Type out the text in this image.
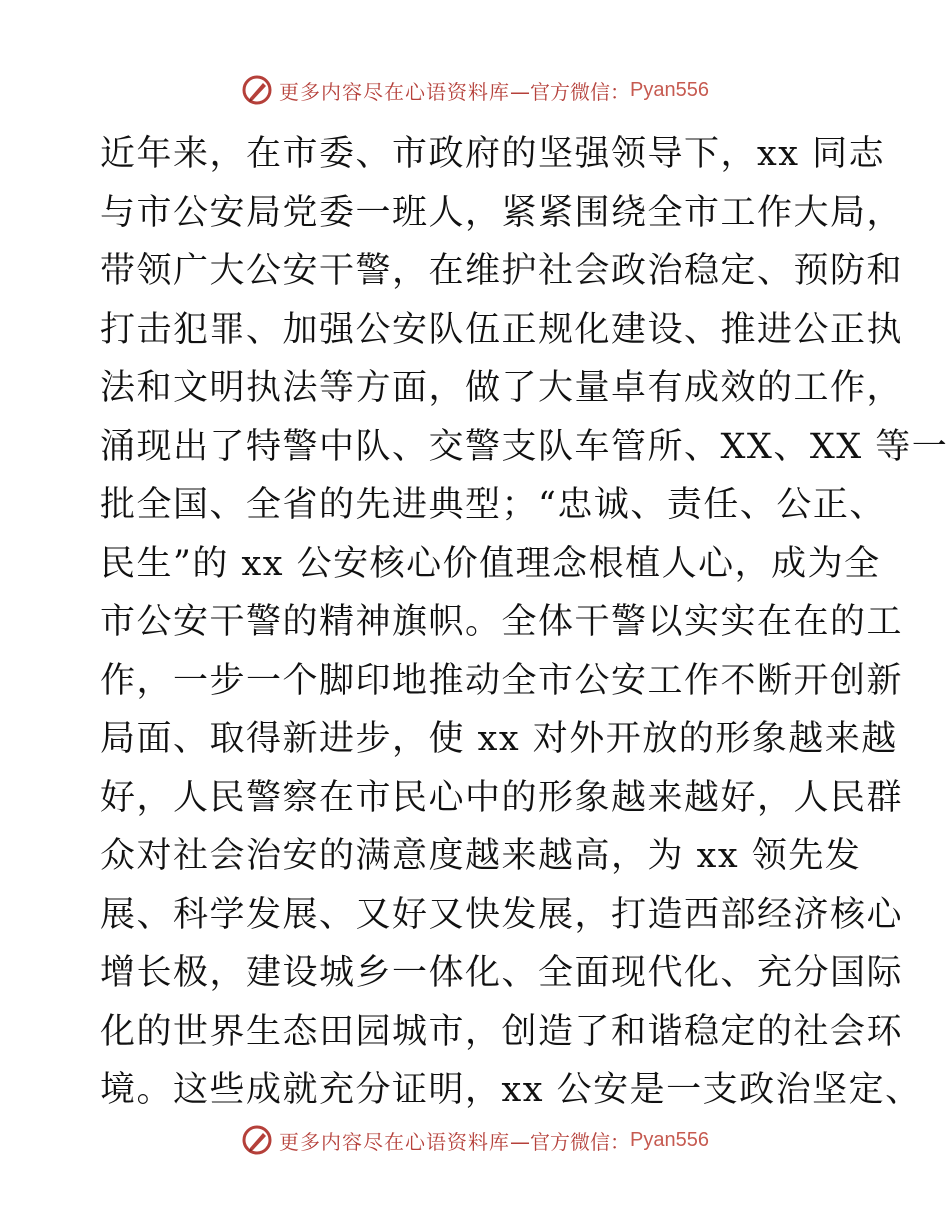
更多内容尽在心语资料库 —官方微信： Pyan556
近年来，在市委、市政府的坚强领导下，xx 同志
与市公安局党委一班人，紧紧围绕全市工作大局，
带领广大公安干警，在维护社会政治稳定、预防和
打击犯罪、加强公安队伍正规化建设、推进公正执
法和文明执法等方面，做了大量卓有成效的工作，
涌现出了特警中队、交警支队车管所、XX、XX 等一
批全国、全省的先进典型；“忠诚、责任、公正、
民生”的 xx 公安核心价值理念根植人心，成为全
市公安干警的精神旗帜。全体干警以实实在在的工
作，一步一个脚印地推动全市公安工作不断开创新
局面、取得新进步，使 xx 对外开放的形象越来越
好，人民警察在市民心中的形象越来越好，人民群
众对社会治安的满意度越来越高，为 xx 领先发
展、科学发展、又好又快发展，打造西部经济核心
增长极，建设城乡一体化、全面现代化、充分国际
化的世界生态田园城市，创造了和谐稳定的社会环
境。这些成就充分证明，xx 公安是一支政治坚定、
更多内容尽在心语资料库 —官方微信： Pyan556
